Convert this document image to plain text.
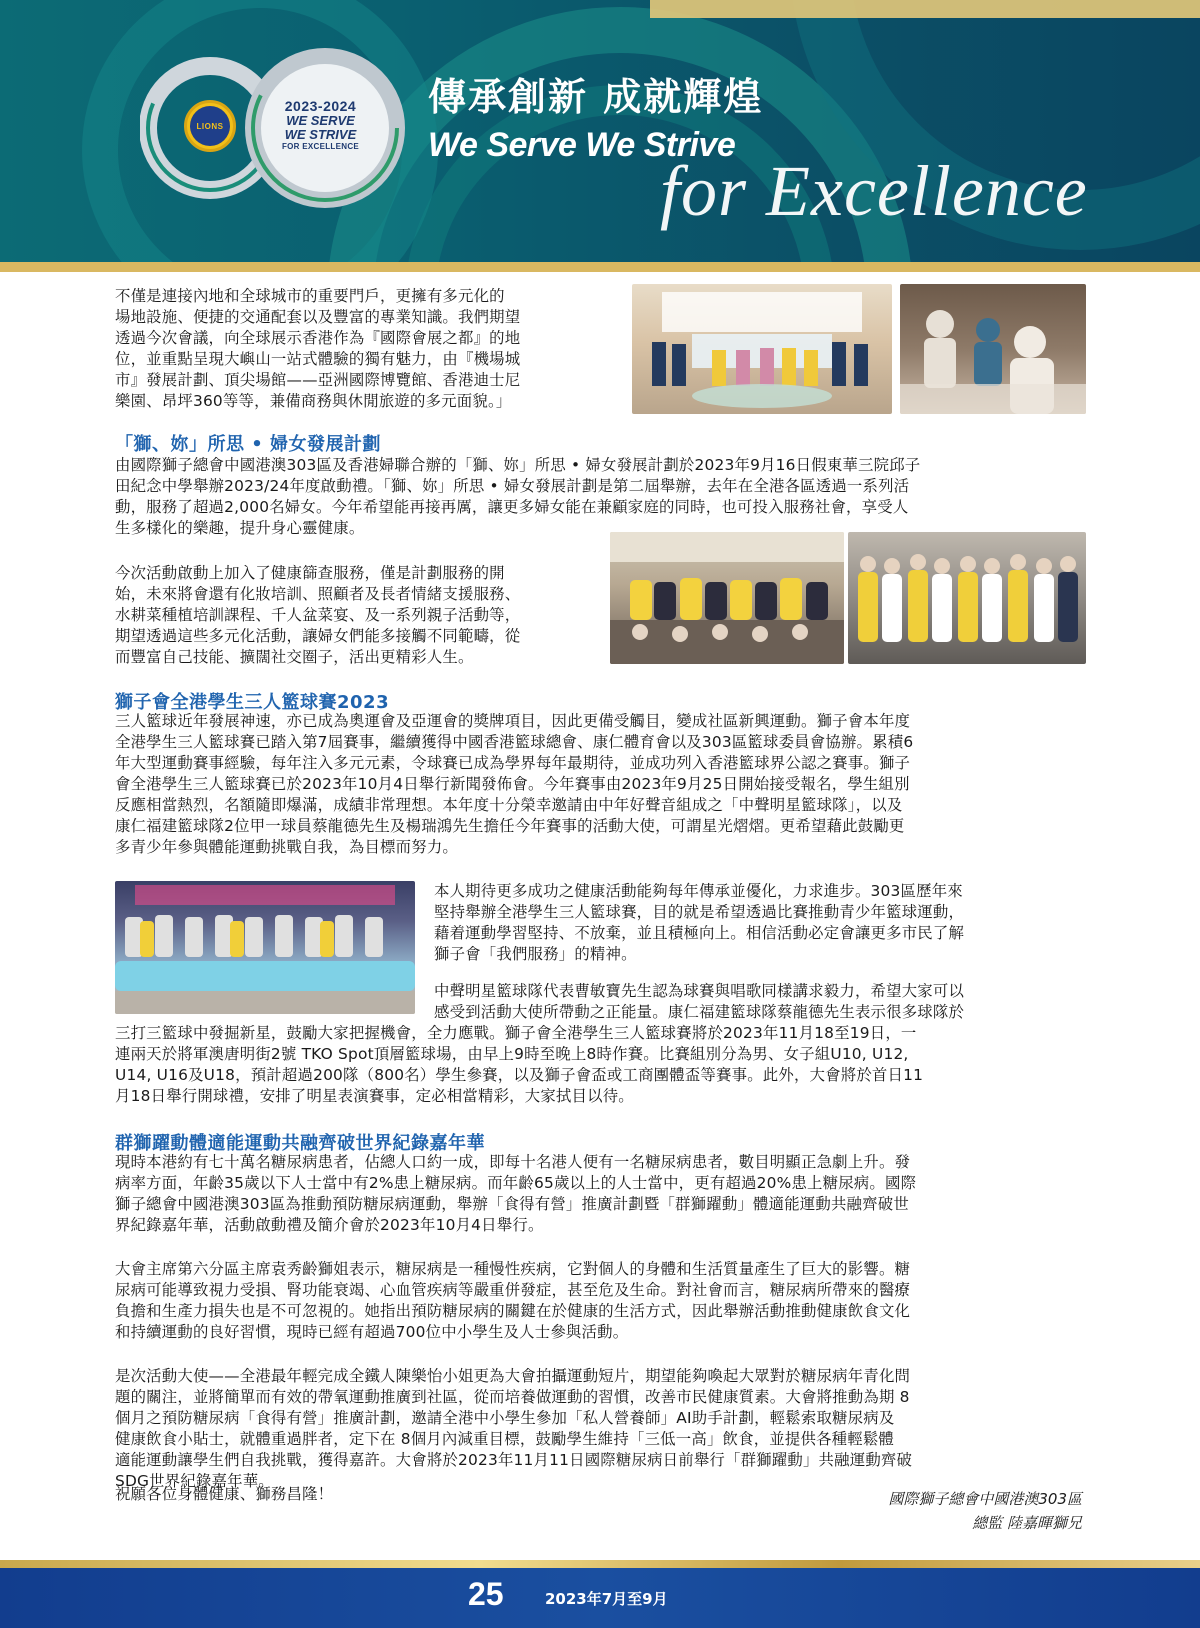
LIONS
2023-2024
WE SERVE
WE STRIVE
FOR EXCELLENCE
傳承創新 成就輝煌
We Serve We Strive
for Excellence
不僅是連接內地和全球城市的重要門戶，更擁有多元化的
場地設施、便捷的交通配套以及豐富的專業知識。我們期望
透過今次會議，向全球展示香港作為『國際會展之都』的地
位，並重點呈現大嶼山一站式體驗的獨有魅力，由『機場城
市』發展計劃、頂尖場館——亞洲國際博覽館、香港迪士尼
樂園、昂坪360等等，兼備商務與休閒旅遊的多元面貌。」
「獅、妳」所思 • 婦女發展計劃
由國際獅子總會中國港澳303區及香港婦聯合辦的「獅、妳」所思 • 婦女發展計劃於2023年9月16日假東華三院邱子
田紀念中學舉辦2023/24年度啟動禮。「獅、妳」所思 • 婦女發展計劃是第二屆舉辦，去年在全港各區透過一系列活
動，服務了超過2,000名婦女。今年希望能再接再厲，讓更多婦女能在兼顧家庭的同時，也可投入服務社會，享受人
生多樣化的樂趣，提升身心靈健康。
今次活動啟動上加入了健康篩查服務，僅是計劃服務的開
始，未來將會還有化妝培訓、照顧者及長者情緒支援服務、
水耕菜種植培訓課程、千人盆菜宴、及一系列親子活動等，
期望透過這些多元化活動，讓婦女們能多接觸不同範疇，從
而豐富自己技能、擴闊社交圈子，活出更精彩人生。
獅子會全港學生三人籃球賽2023
三人籃球近年發展神速，亦已成為奧運會及亞運會的獎牌項目，因此更備受觸目，變成社區新興運動。獅子會本年度
全港學生三人籃球賽已踏入第7屆賽事，繼續獲得中國香港籃球總會、康仁體育會以及303區籃球委員會協辦。累積6
年大型運動賽事經驗，每年注入多元元素，令球賽已成為學界每年最期待，並成功列入香港籃球界公認之賽事。獅子
會全港學生三人籃球賽已於2023年10月4日舉行新聞發佈會。今年賽事由2023年9月25日開始接受報名，學生組別
反應相當熱烈，名額隨即爆滿，成績非常理想。本年度十分榮幸邀請由中年好聲音組成之「中聲明星籃球隊」，以及
康仁福建籃球隊2位甲一球員蔡龍德先生及楊瑞鴻先生擔任今年賽事的活動大使，可謂星光熠熠。更希望藉此鼓勵更
多青少年參與體能運動挑戰自我，為目標而努力。
本人期待更多成功之健康活動能夠每年傳承並優化，力求進步。303區歷年來
堅持舉辦全港學生三人籃球賽，目的就是希望透過比賽推動青少年籃球運動，
藉着運動學習堅持、不放棄，並且積極向上。相信活動必定會讓更多市民了解
獅子會「我們服務」的精神。
中聲明星籃球隊代表曹敏寶先生認為球賽與唱歌同樣講求毅力，希望大家可以
感受到活動大使所帶動之正能量。康仁福建籃球隊蔡龍德先生表示很多球隊於
三打三籃球中發掘新星，鼓勵大家把握機會，全力應戰。獅子會全港學生三人籃球賽將於2023年11月18至19日，一
連兩天於將軍澳唐明街2號 TKO Spot頂層籃球場，由早上9時至晚上8時作賽。比賽組別分為男、女子組U10, U12,
U14, U16及U18，預計超過200隊（800名）學生參賽，以及獅子會盃或工商團體盃等賽事。此外，大會將於首日11
月18日舉行開球禮，安排了明星表演賽事，定必相當精彩，大家拭目以待。
群獅躍動體適能運動共融齊破世界紀錄嘉年華
現時本港約有七十萬名糖尿病患者，佔總人口約一成，即每十名港人便有一名糖尿病患者，數目明顯正急劇上升。發
病率方面，年齡35歲以下人士當中有2%患上糖尿病。而年齡65歲以上的人士當中，更有超過20%患上糖尿病。國際
獅子總會中國港澳303區為推動預防糖尿病運動，舉辦「食得有營」推廣計劃暨「群獅躍動」體適能運動共融齊破世
界紀錄嘉年華，活動啟動禮及簡介會於2023年10月4日舉行。
大會主席第六分區主席袁秀齡獅姐表示，糖尿病是一種慢性疾病，它對個人的身體和生活質量產生了巨大的影響。糖
尿病可能導致視力受損、腎功能衰竭、心血管疾病等嚴重併發症，甚至危及生命。對社會而言，糖尿病所帶來的醫療
負擔和生產力損失也是不可忽視的。她指出預防糖尿病的關鍵在於健康的生活方式，因此舉辦活動推動健康飲食文化
和持續運動的良好習慣，現時已經有超過700位中小學生及人士參與活動。
是次活動大使——全港最年輕完成全鐵人陳樂怡小姐更為大會拍攝運動短片，期望能夠喚起大眾對於糖尿病年青化問
題的關注，並將簡單而有效的帶氧運動推廣到社區，從而培養做運動的習慣，改善市民健康質素。大會將推動為期 8
個月之預防糖尿病「食得有營」推廣計劃，邀請全港中小學生參加「私人營養師」AI助手計劃，輕鬆索取糖尿病及
健康飲食小貼士，就體重過胖者，定下在 8個月內減重目標，鼓勵學生維持「三低一高」飲食，並提供各種輕鬆體
適能運動讓學生們自我挑戰，獲得嘉許。大會將於2023年11月11日國際糖尿病日前舉行「群獅躍動」共融運動齊破
SDG世界紀錄嘉年華。
祝願各位身體健康、獅務昌隆！	國際獅子總會中國港澳303區
總監 陸嘉暉獅兄
25	2023年7月至9月
